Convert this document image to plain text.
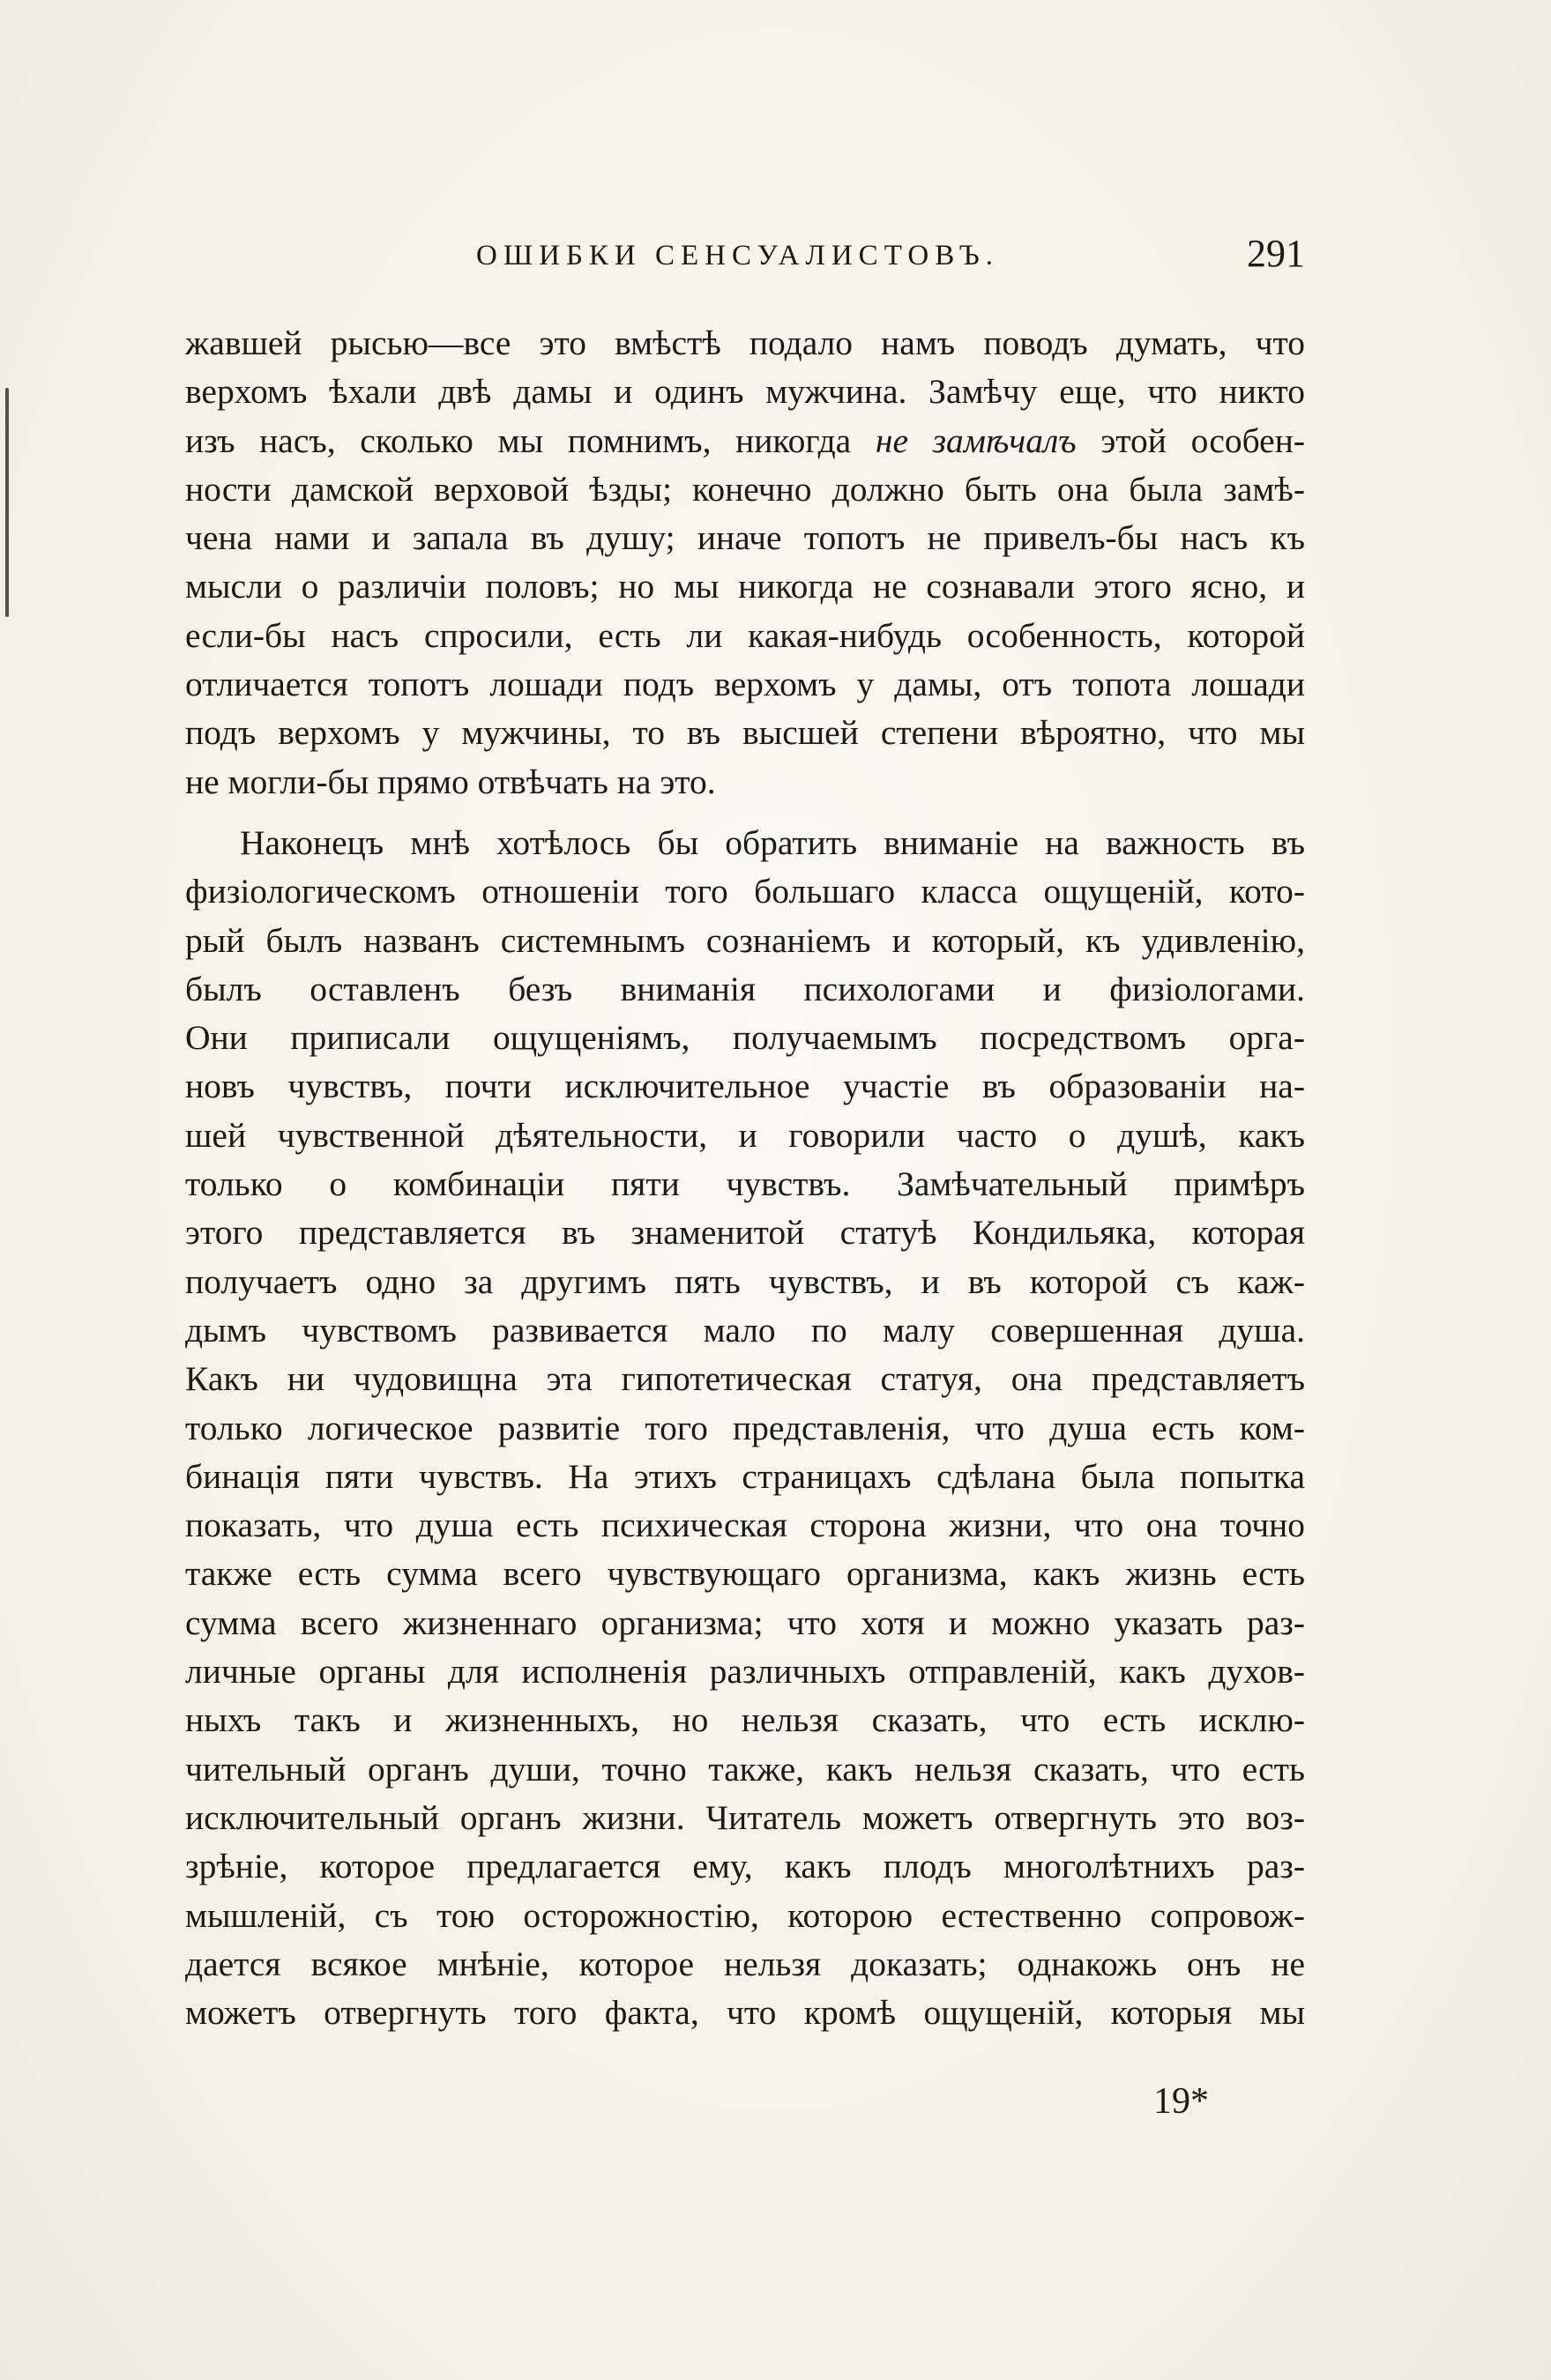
ОШИБКИ СЕНСУАЛИСТОВЪ.	291
жавшей рысью—все это вмѣстѣ подало намъ поводъ думать, что
верхомъ ѣхали двѣ дамы и одинъ мужчина. Замѣчу еще, что никто
изъ насъ, сколько мы помнимъ, никогда не замѣчалъ этой особен-
ности дамской верховой ѣзды; конечно должно быть она была замѣ-
чена нами и запала въ душу; иначе топотъ не привелъ-бы насъ къ
мысли о различіи половъ; но мы никогда не сознавали этого ясно, и
если-бы насъ спросили, есть ли какая-нибудь особенность, которой
отличается топотъ лошади подъ верхомъ у дамы, отъ топота лошади
подъ верхомъ у мужчины, то въ высшей степени вѣроятно, что мы
не могли-бы прямо отвѣчать на это.
Наконецъ мнѣ хотѣлось бы обратить вниманіе на важность въ
физіологическомъ отношеніи того большаго класса ощущеній, кото-
рый былъ названъ системнымъ сознаніемъ и который, къ удивленію,
былъ оставленъ безъ вниманія психологами и физіологами.
Они приписали ощущеніямъ, получаемымъ посредствомъ орга-
новъ чувствъ, почти исключительное участіе въ образованіи на-
шей чувственной дѣятельности, и говорили часто о душѣ, какъ
только о комбинаціи пяти чувствъ. Замѣчательный примѣръ
этого представляется въ знаменитой статуѣ Кондильяка, которая
получаетъ одно за другимъ пять чувствъ, и въ которой съ каж-
дымъ чувствомъ развивается мало по малу совершенная душа.
Какъ ни чудовищна эта гипотетическая статуя, она представляетъ
только логическое развитіе того представленія, что душа есть ком-
бинація пяти чувствъ. На этихъ страницахъ сдѣлана была попытка
показать, что душа есть психическая сторона жизни, что она точно
также есть сумма всего чувствующаго организма, какъ жизнь есть
сумма всего жизненнаго организма; что хотя и можно указать раз-
личные органы для исполненія различныхъ отправленій, какъ духов-
ныхъ такъ и жизненныхъ, но нельзя сказать, что есть исклю-
чительный органъ души, точно также, какъ нельзя сказать, что есть
исключительный органъ жизни. Читатель можетъ отвергнуть это воз-
зрѣніе, которое предлагается ему, какъ плодъ многолѣтнихъ раз-
мышленій, съ тою осторожностію, которою естественно сопровож-
дается всякое мнѣніе, которое нельзя доказать; однакожь онъ не
можетъ отвергнуть того факта, что кромѣ ощущеній, которыя мы
19*
